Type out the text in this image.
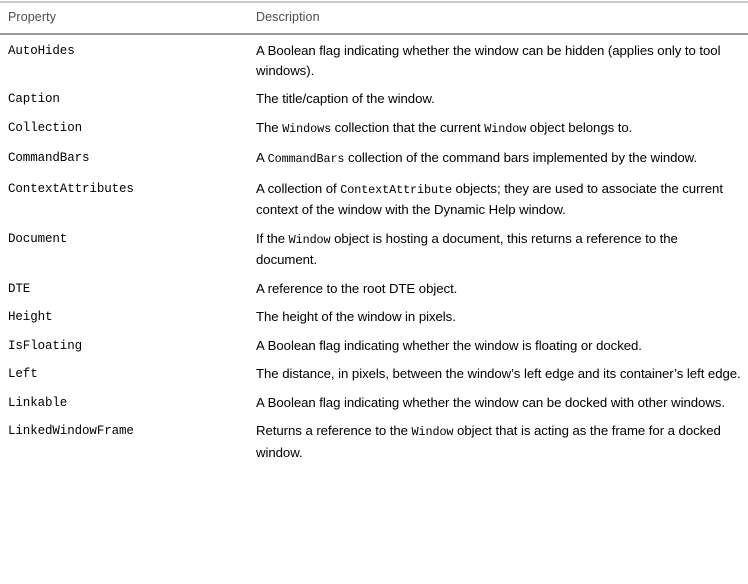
Property	Description
AutoHides	A Boolean flag indicating whether the window can be hidden (applies only to tool windows).
Caption	The title/caption of the window.
Collection	The Windows collection that the current Window object belongs to.
CommandBars	A CommandBars collection of the command bars implemented by the window.
ContextAttributes	A collection of ContextAttribute objects; they are used to associate the current context of the window with the Dynamic Help window.
Document	If the Window object is hosting a document, this returns a reference to the document.
DTE	A reference to the root DTE object.
Height	The height of the window in pixels.
IsFloating	A Boolean flag indicating whether the window is floating or docked.
Left	The distance, in pixels, between the window’s left edge and its container’s left edge.
Linkable	A Boolean flag indicating whether the window can be docked with other windows.
LinkedWindowFrame	Returns a reference to the Window object that is acting as the frame for a docked window.
